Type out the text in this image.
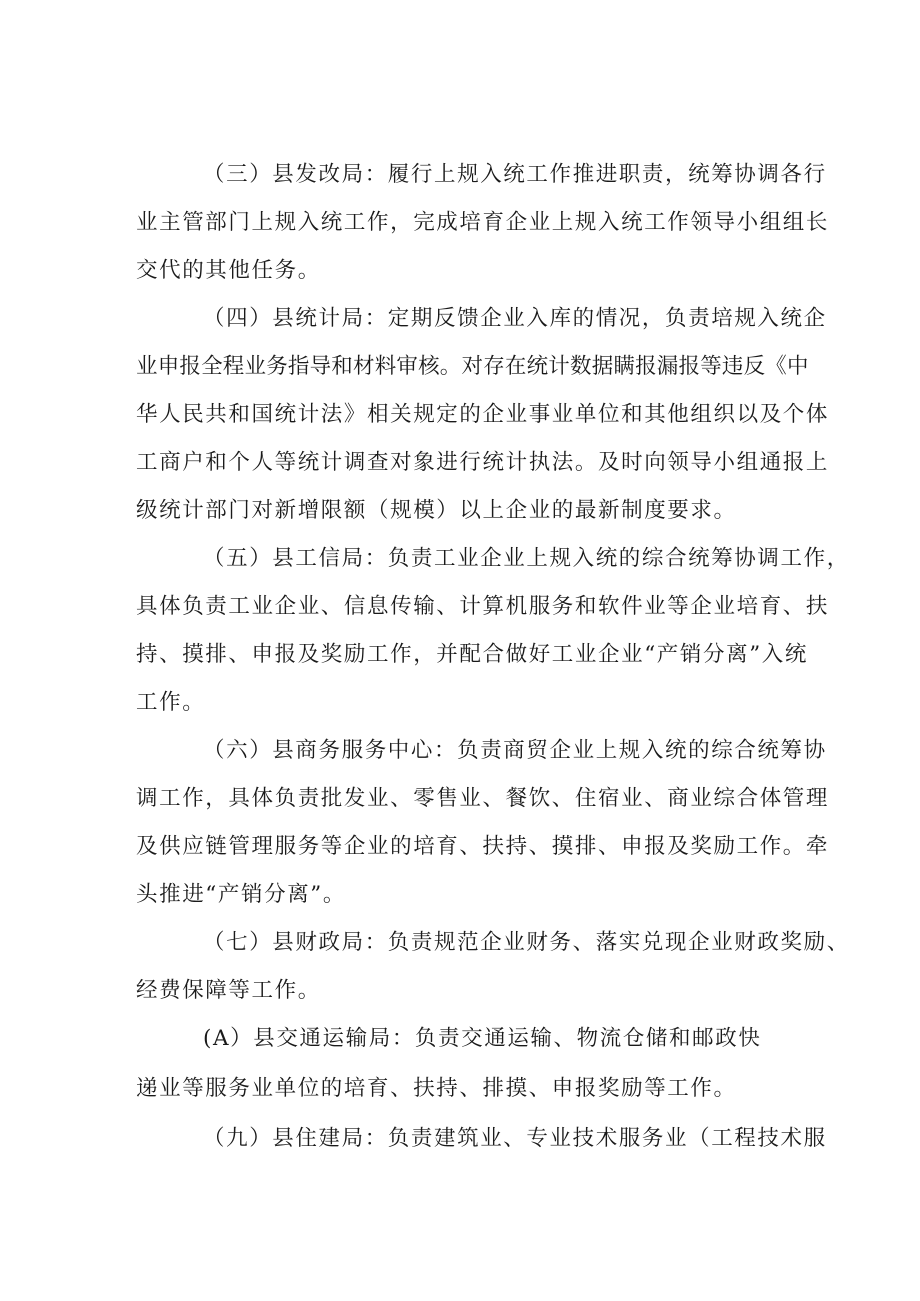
（三）县发改局：履行上规入统工作推进职责，统筹协调各行

业主管部门上规入统工作，完成培育企业上规入统工作领导小组组长

交代的其他任务。

（四）县统计局：定期反馈企业入库的情况，负责培规入统企

业申报全程业务指导和材料审核。对存在统计数据瞒报漏报等违反《中

华人民共和国统计法》相关规定的企业事业单位和其他组织以及个体

工商户和个人等统计调查对象进行统计执法。及时向领导小组通报上

级统计部门对新增限额（规模）以上企业的最新制度要求。

（五）县工信局：负责工业企业上规入统的综合统筹协调工作，

具体负责工业企业、信息传输、计算机服务和软件业等企业培育、扶

持、摸排、申报及奖励工作，并配合做好工业企业“产销分离”入统

工作。

（六）县商务服务中心：负责商贸企业上规入统的综合统筹协

调工作，具体负责批发业、零售业、餐饮、住宿业、商业综合体管理

及供应链管理服务等企业的培育、扶持、摸排、申报及奖励工作。牵

头推进“产销分离”。

（七）县财政局：负责规范企业财务、落实兑现企业财政奖励、

经费保障等工作。

(A）县交通运输局：负责交通运输、物流仓储和邮政快

递业等服务业单位的培育、扶持、排摸、申报奖励等工作。

（九）县住建局：负责建筑业、专业技术服务业（工程技术服
